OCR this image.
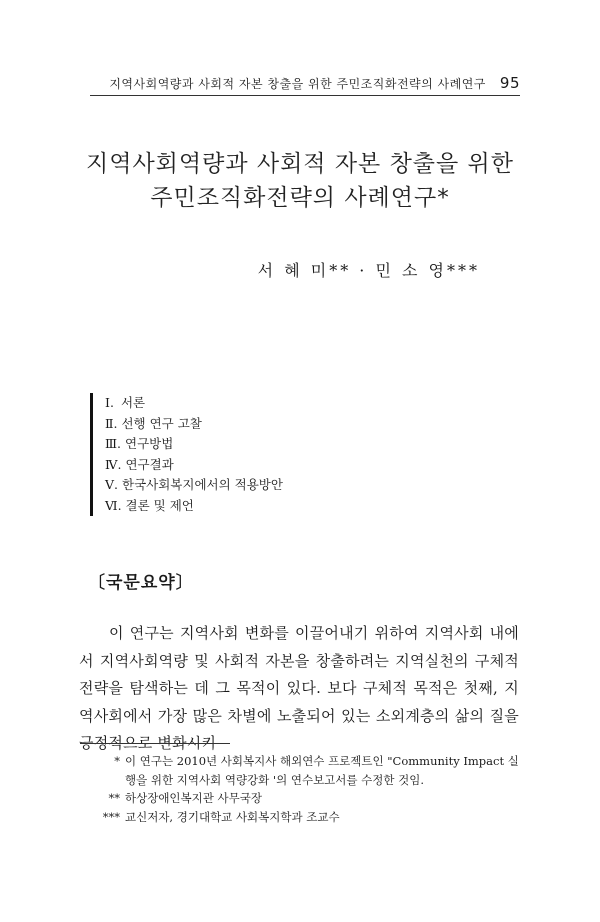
지역사회역량과 사회적 자본 창출을 위한 주민조직화전략의 사례연구 95
지역사회역량과 사회적 자본 창출을 위한
주민조직화전략의 사례연구*
서 혜 미** · 민 소 영***
Ⅰ. 서론
Ⅱ. 선행 연구 고찰
Ⅲ. 연구방법
Ⅳ. 연구결과
Ⅴ. 한국사회복지에서의 적용방안
Ⅵ. 결론 및 제언
〔국문요약〕
이 연구는 지역사회 변화를 이끌어내기 위하여 지역사회 내에서 지역사회역량 및 사회적 자본을 창출하려는 지역실천의 구체적 전략을 탐색하는 데 그 목적이 있다. 보다 구체적 목적은 첫째, 지역사회에서 가장 많은 차별에 노출되어 있는 소외계층의 삶의 질을 긍정적으로 변화시키
* 이 연구는 2010년 사회복지사 해외연수 프로젝트인 "Community Impact 실행을 위한 지역사회 역량강화 '의 연수보고서를 수정한 것임.
** 하상장애인복지관 사무국장
*** 교신저자, 경기대학교 사회복지학과 조교수
